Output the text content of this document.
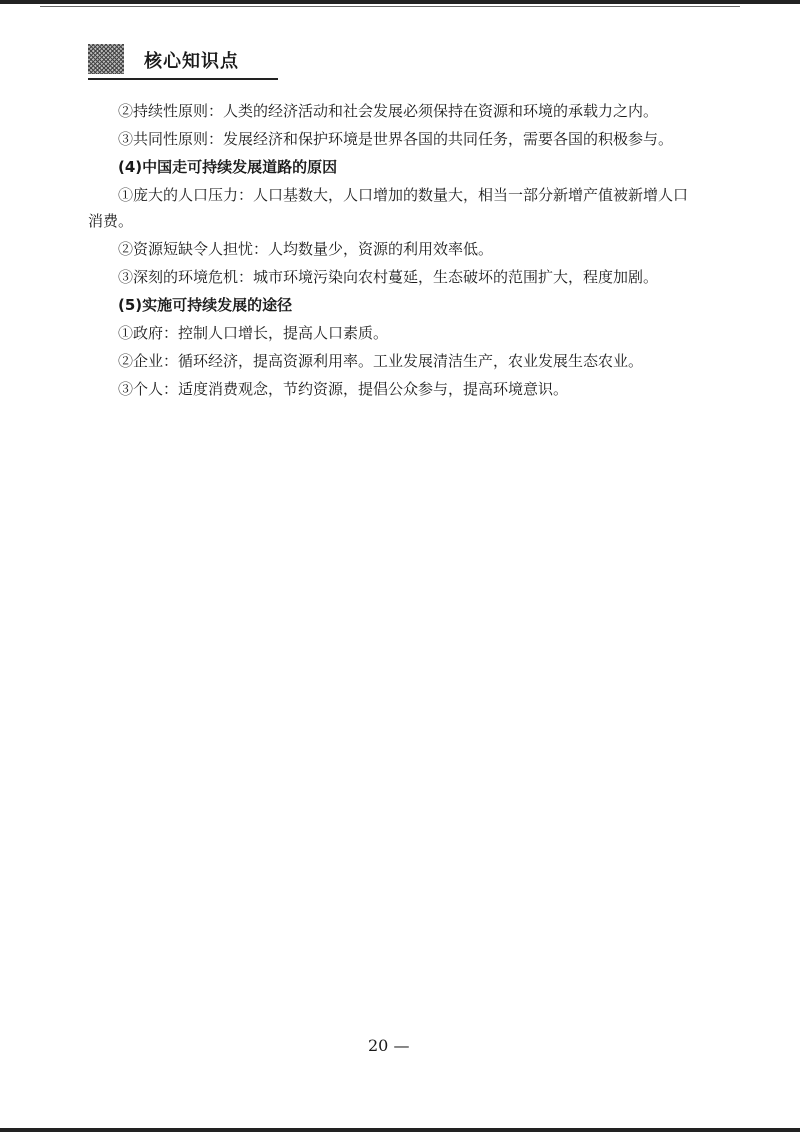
核心知识点

②持续性原则：人类的经济活动和社会发展必须保持在资源和环境的承载力之内。

③共同性原则：发展经济和保护环境是世界各国的共同任务，需要各国的积极参与。

(4)中国走可持续发展道路的原因

①庞大的人口压力：人口基数大，人口增加的数量大，相当一部分新增产值被新增人口消费。

②资源短缺令人担忧：人均数量少，资源的利用效率低。

③深刻的环境危机：城市环境污染向农村蔓延，生态破坏的范围扩大，程度加剧。

(5)实施可持续发展的途径

①政府：控制人口增长，提高人口素质。

②企业：循环经济，提高资源利用率。工业发展清洁生产，农业发展生态农业。

③个人：适度消费观念，节约资源，提倡公众参与，提高环境意识。

20 —
